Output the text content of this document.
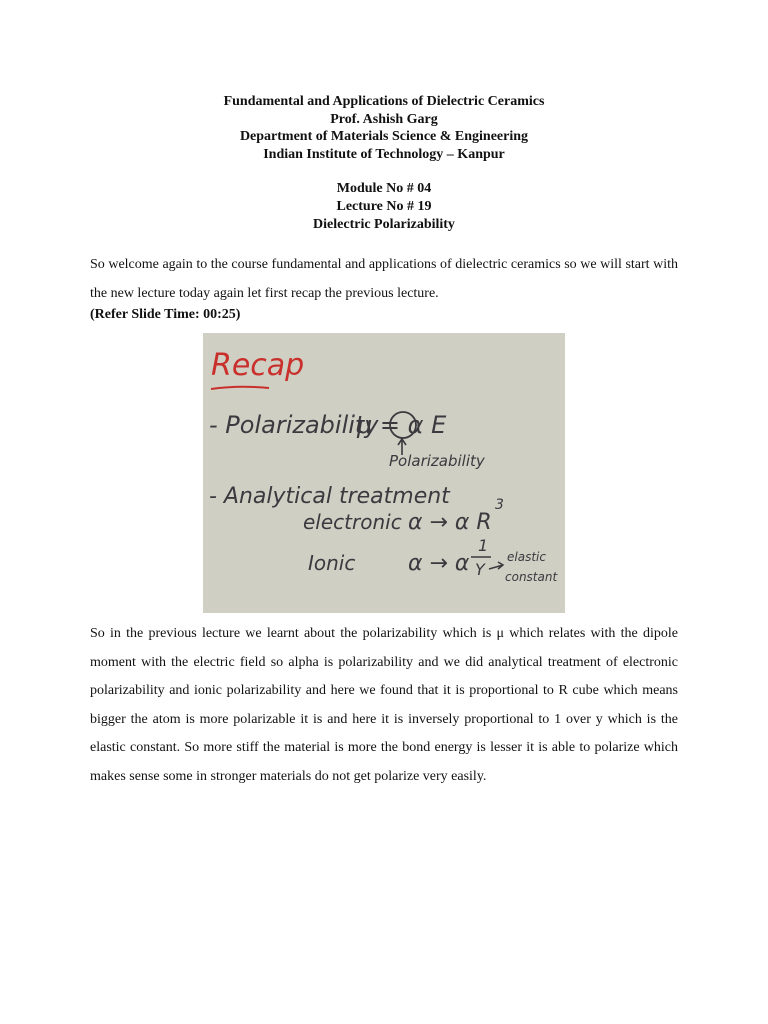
Fundamental and Applications of Dielectric Ceramics
Prof. Ashish Garg
Department of Materials Science & Engineering
Indian Institute of Technology – Kanpur
Module No # 04
Lecture No # 19
Dielectric Polarizability

So welcome again to the course fundamental and applications of dielectric ceramics so we will start with the new lecture today again let first recap the previous lecture.

(Refer Slide Time: 00:25)
Recap
- Polarizability
μ = α E
Polarizability
- Analytical treatment
electronic α → α R
3
Ionic α → α
1
Y
elastic
constant

So in the previous lecture we learnt about the polarizability which is μ which relates with the dipole moment with the electric field so alpha is polarizability and we did analytical treatment of electronic polarizability and ionic polarizability and here we found that it is proportional to R cube which means bigger the atom is more polarizable it is and here it is inversely proportional to 1 over y which is the elastic constant. So more stiff the material is more the bond energy is lesser it is able to polarize which makes sense some in stronger materials do not get polarize very easily.
